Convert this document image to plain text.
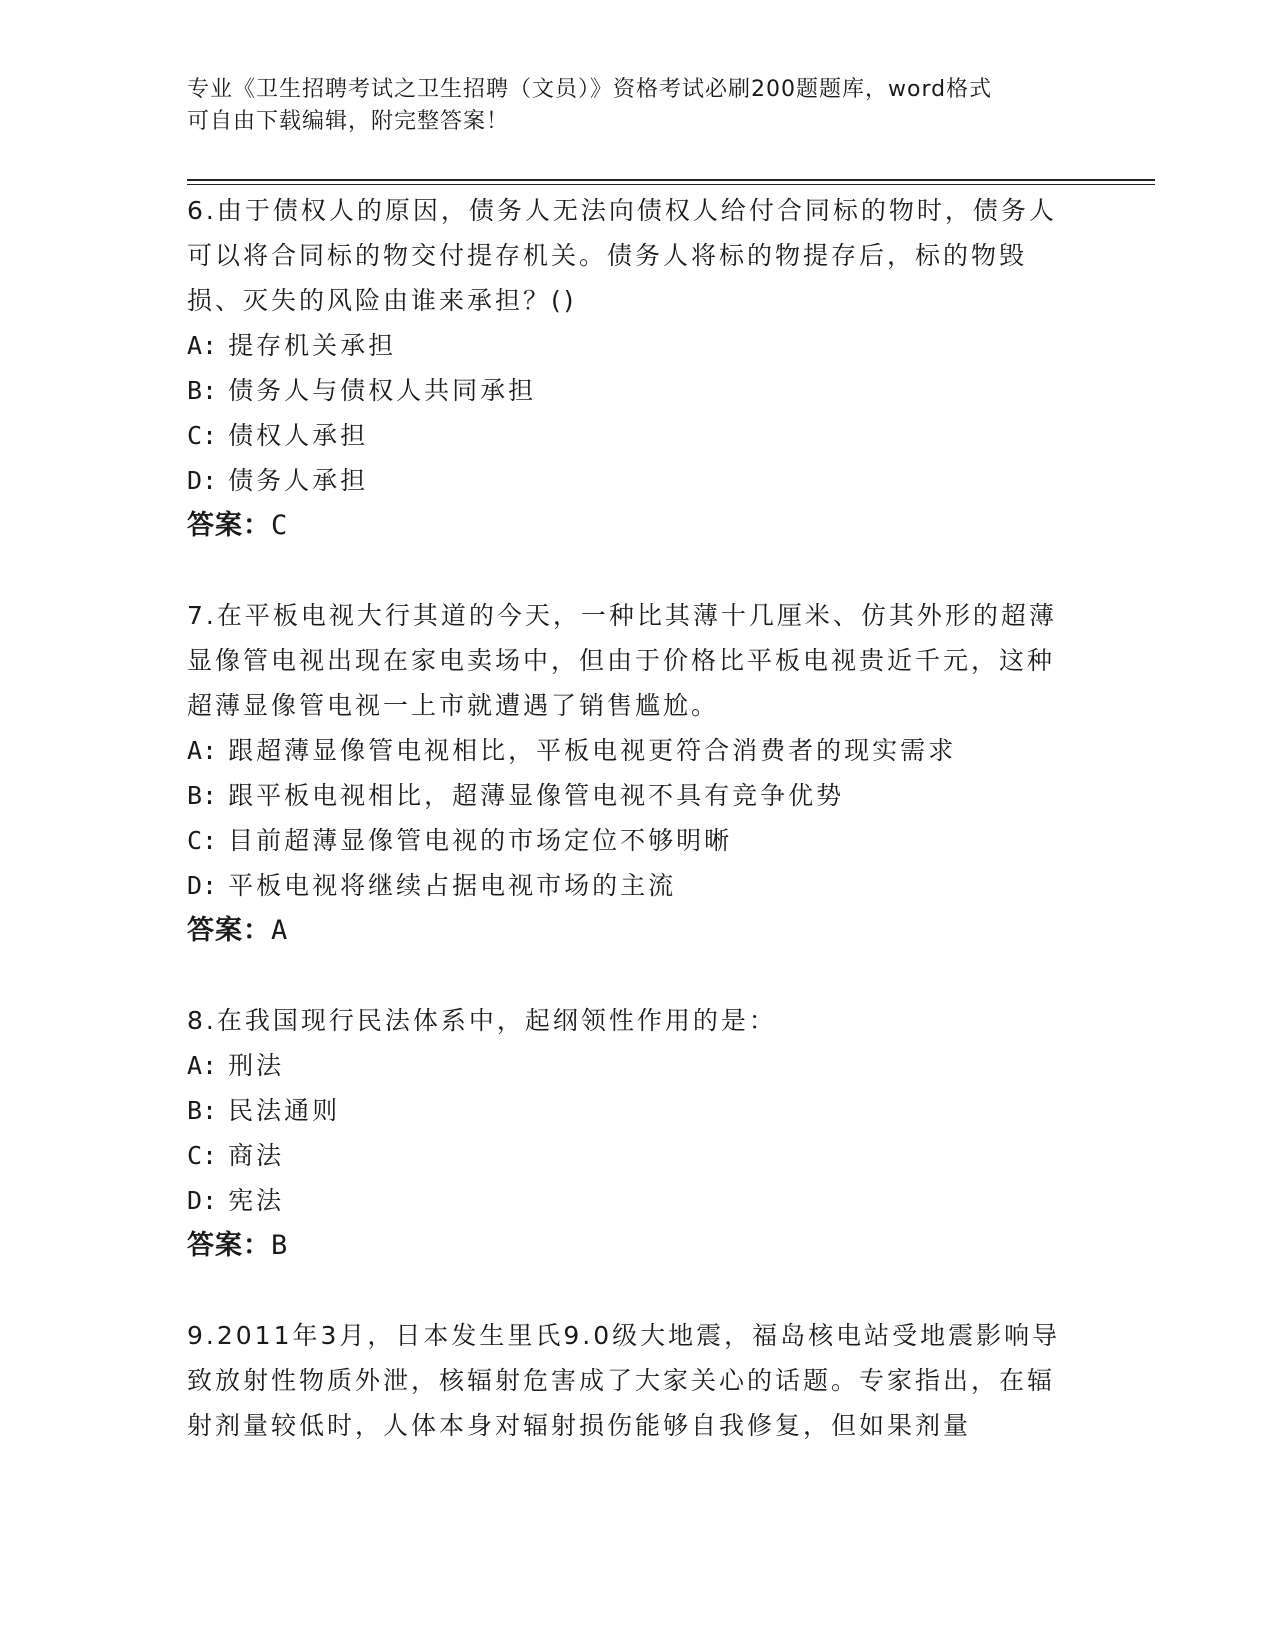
专业《卫生招聘考试之卫生招聘（文员）》资格考试必刷200题题库，word格式
可自由下载编辑，附完整答案！

6.由于债权人的原因，债务人无法向债权人给付合同标的物时，债务人可以将合同标的物交付提存机关。债务人将标的物提存后，标的物毁损、灭失的风险由谁来承担？()

A: 提存机关承担

B: 债务人与债权人共同承担

C: 债权人承担

D: 债务人承担

答案：C

7.在平板电视大行其道的今天，一种比其薄十几厘米、仿其外形的超薄显像管电视出现在家电卖场中，但由于价格比平板电视贵近千元，这种超薄显像管电视一上市就遭遇了销售尴尬。

A: 跟超薄显像管电视相比，平板电视更符合消费者的现实需求

B: 跟平板电视相比，超薄显像管电视不具有竞争优势

C: 目前超薄显像管电视的市场定位不够明晰

D: 平板电视将继续占据电视市场的主流

答案：A

8.在我国现行民法体系中，起纲领性作用的是：

A: 刑法

B: 民法通则

C: 商法

D: 宪法

答案：B

9.2011年3月，日本发生里氏9.0级大地震，福岛核电站受地震影响导致放射性物质外泄，核辐射危害成了大家关心的话题。专家指出，在辐射剂量较低时，人体本身对辐射损伤能够自我修复，但如果剂量
